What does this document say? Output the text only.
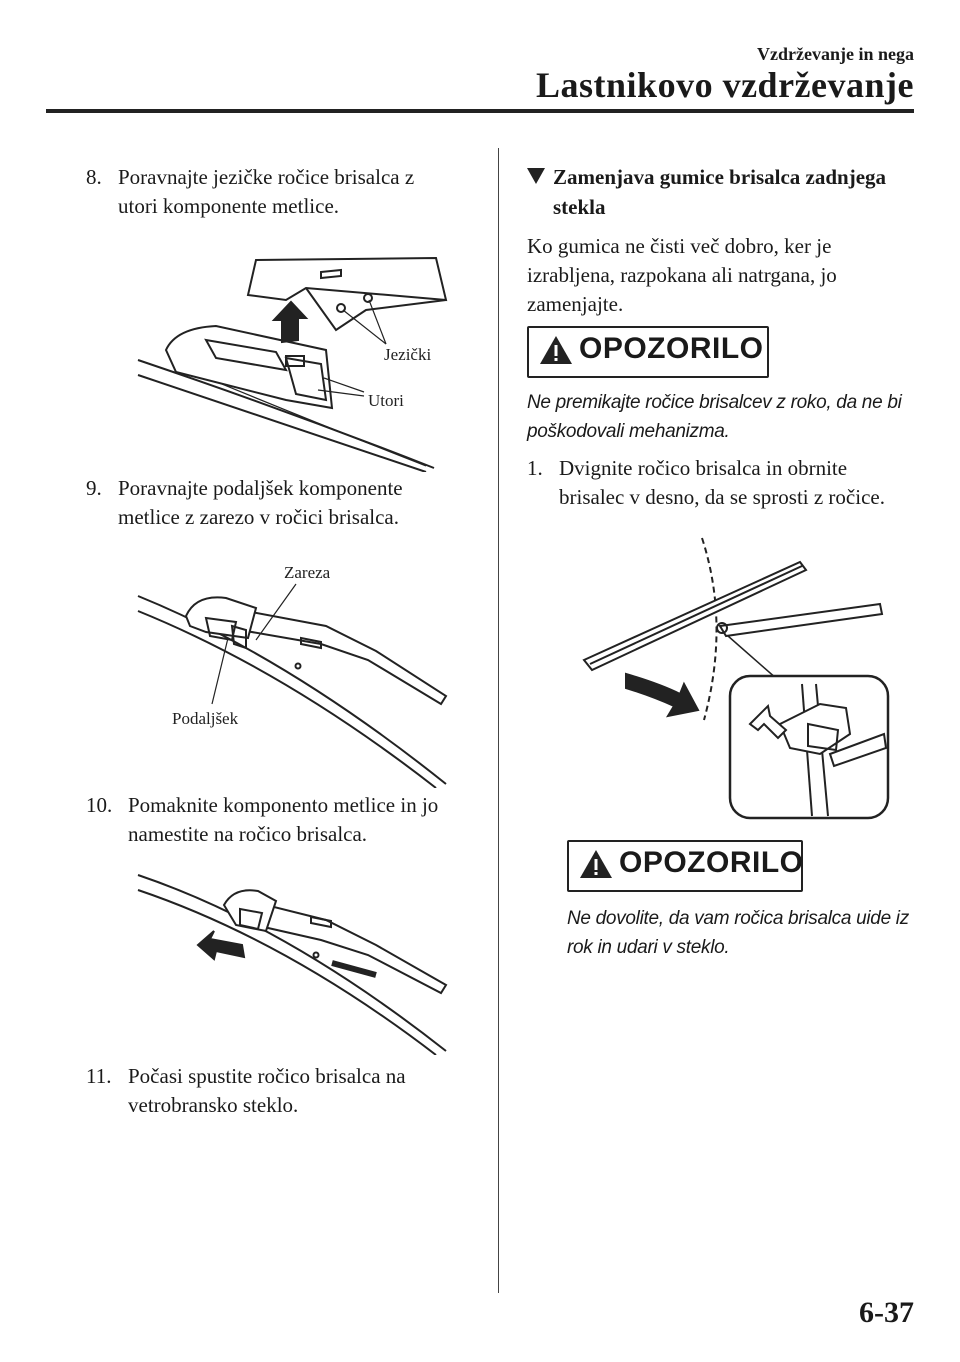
Vzdrževanje in nega
Lastnikovo vzdrževanje
8. Poravnajte jezičke ročice brisalca z utori komponente metlice.
Jezički
Utori
9. Poravnajte podaljšek komponente metlice z zarezo v ročici brisalca.
Zareza
Podaljšek
10. Pomaknite komponento metlice in jo namestite na ročico brisalca.
11. Počasi spustite ročico brisalca na vetrobransko steklo.
Zamenjava gumice brisalca zadnjega stekla
Ko gumica ne čisti več dobro, ker je izrabljena, razpokana ali natrgana, jo zamenjajte.
OPOZORILO
Ne premikajte ročice brisalcev z roko, da ne bi poškodovali mehanizma.
1. Dvignite ročico brisalca in obrnite brisalec v desno, da se sprosti z ročice.
OPOZORILO
Ne dovolite, da vam ročica brisalca uide iz rok in udari v steklo.
6-37
